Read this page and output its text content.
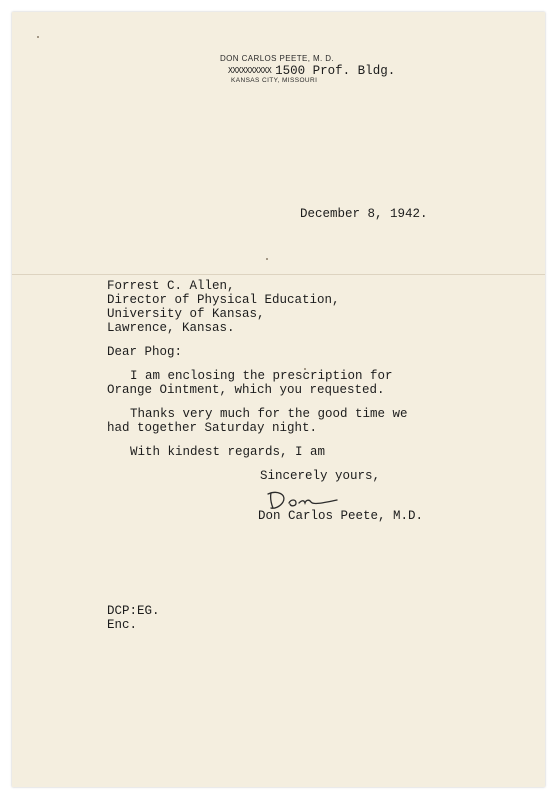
DON CARLOS PEETE, M. D.
XXXXXXXXXX 1500 Prof. Bldg.
KANSAS CITY, MISSOURI
December 8, 1942.
Forrest C. Allen,
Director of Physical Education,
University of Kansas,
Lawrence, Kansas.
Dear Phog:
I am enclosing the prescription for
Orange Ointment, which you requested.
Thanks very much for the good time we
had together Saturday night.
With kindest regards, I am
Sincerely yours,
Don Carlos Peete, M.D.
DCP:EG.
Enc.
